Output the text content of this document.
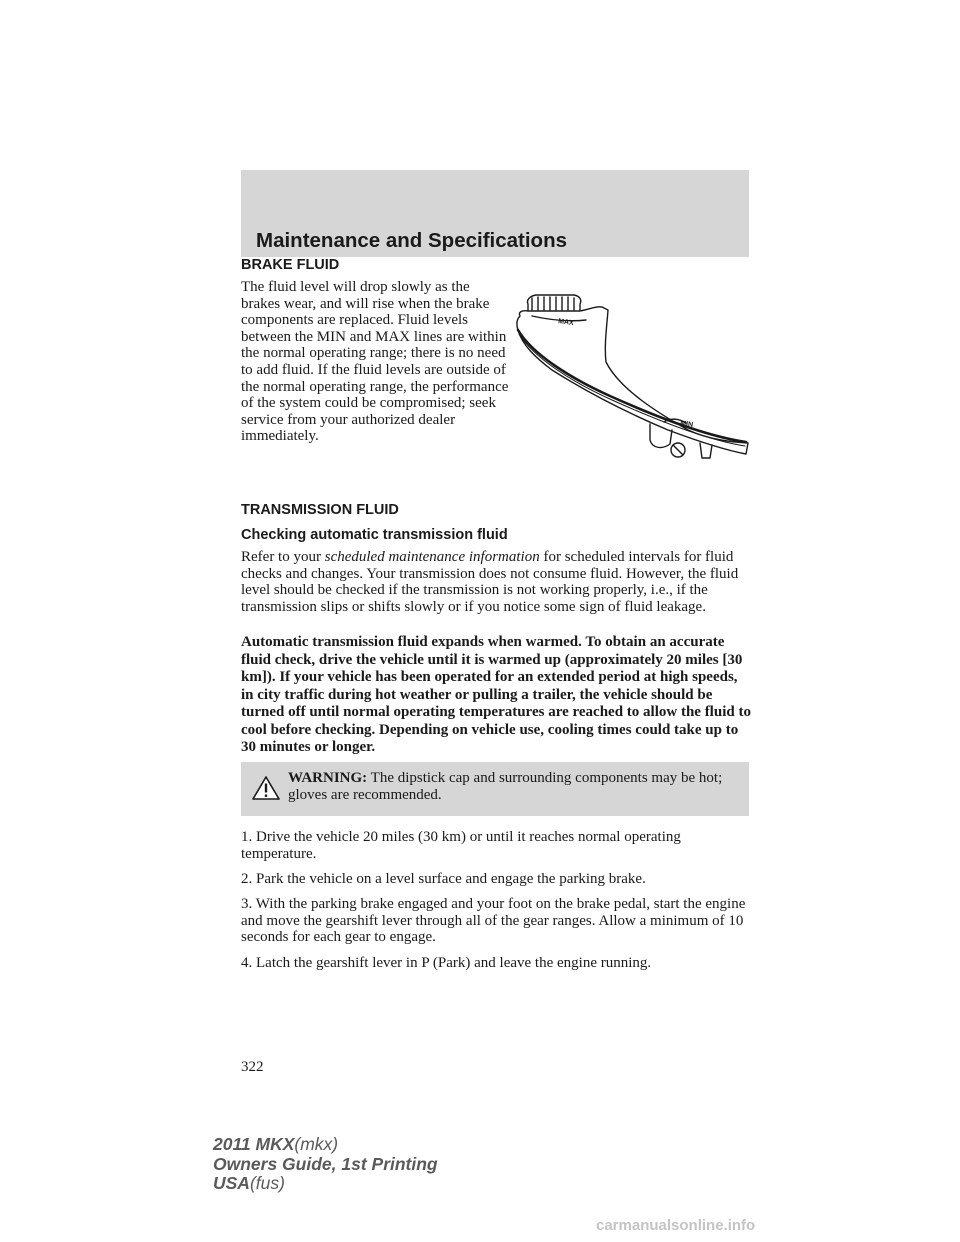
Maintenance and Specifications
BRAKE FLUID

The fluid level will drop slowly as the brakes wear, and will rise when the brake components are replaced. Fluid levels between the MIN and MAX lines are within the normal operating range; there is no need to add fluid. If the fluid levels are outside of the normal operating range, the performance of the system could be compromised; seek service from your authorized dealer immediately.

MAX
MIN
TRANSMISSION FLUID
Checking automatic transmission fluid

Refer to your scheduled maintenance information for scheduled intervals for fluid checks and changes. Your transmission does not consume fluid. However, the fluid level should be checked if the transmission is not working properly, i.e., if the transmission slips or shifts slowly or if you notice some sign of fluid leakage.

Automatic transmission fluid expands when warmed. To obtain an accurate fluid check, drive the vehicle until it is warmed up (approximately 20 miles [30 km]). If your vehicle has been operated for an extended period at high speeds, in city traffic during hot weather or pulling a trailer, the vehicle should be turned off until normal operating temperatures are reached to allow the fluid to cool before checking. Depending on vehicle use, cooling times could take up to 30 minutes or longer.

WARNING: The dipstick cap and surrounding components may be hot; gloves are recommended.

1. Drive the vehicle 20 miles (30 km) or until it reaches normal operating temperature.

2. Park the vehicle on a level surface and engage the parking brake.

3. With the parking brake engaged and your foot on the brake pedal, start the engine and move the gearshift lever through all of the gear ranges. Allow a minimum of 10 seconds for each gear to engage.

4. Latch the gearshift lever in P (Park) and leave the engine running.

322
2011 MKX(mkx)
Owners Guide, 1st Printing
USA(fus)
carmanualsonline.info
